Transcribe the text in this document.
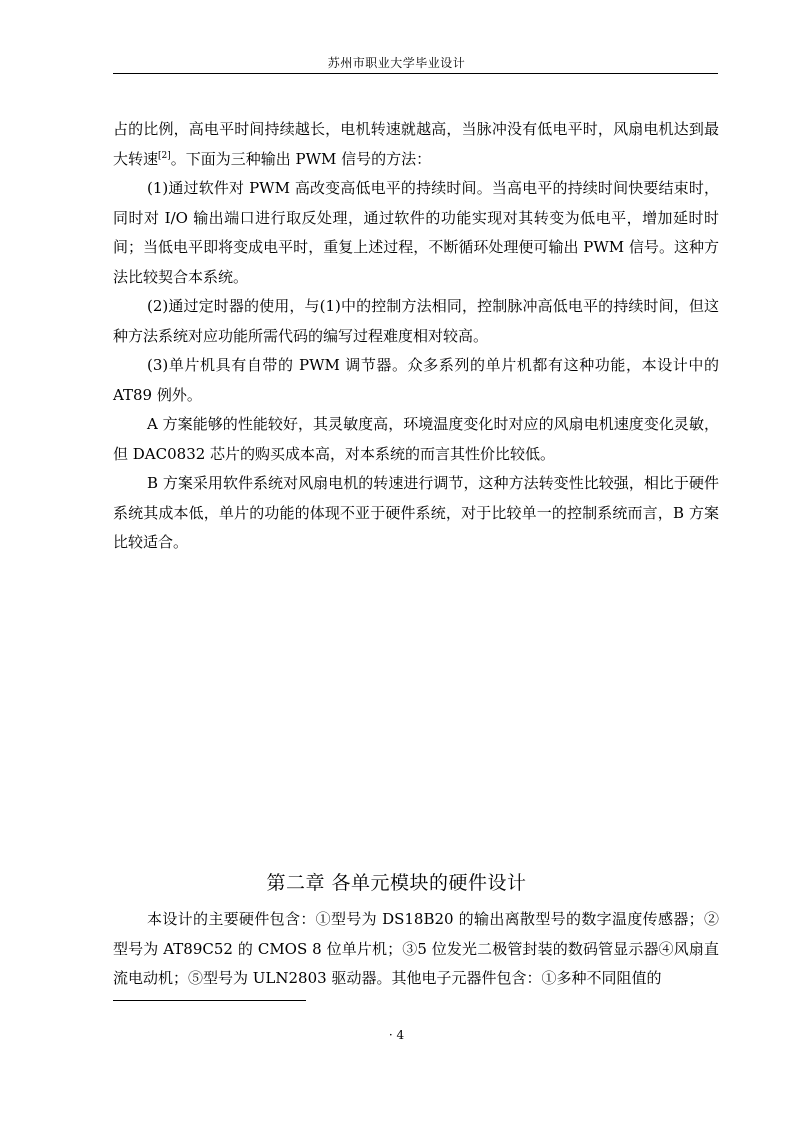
苏州市职业大学毕业设计

占的比例，高电平时间持续越长，电机转速就越高，当脉冲没有低电平时，风扇电机达到最大转速[2]。下面为三种输出 PWM 信号的方法：

(1)通过软件对 PWM 高改变高低电平的持续时间。当高电平的持续时间快要结束时，同时对 I/O 输出端口进行取反处理，通过软件的功能实现对其转变为低电平，增加延时时间；当低电平即将变成电平时，重复上述过程，不断循环处理便可输出 PWM 信号。这种方法比较契合本系统。

(2)通过定时器的使用，与(1)中的控制方法相同，控制脉冲高低电平的持续时间，但这种方法系统对应功能所需代码的编写过程难度相对较高。

(3)单片机具有自带的 PWM 调节器。众多系列的单片机都有这种功能，本设计中的 AT89 例外。

A 方案能够的性能较好，其灵敏度高，环境温度变化时对应的风扇电机速度变化灵敏，但 DAC0832 芯片的购买成本高，对本系统的而言其性价比较低。

B 方案采用软件系统对风扇电机的转速进行调节，这种方法转变性比较强，相比于硬件系统其成本低，单片的功能的体现不亚于硬件系统，对于比较单一的控制系统而言，B 方案比较适合。

第二章 各单元模块的硬件设计

本设计的主要硬件包含：①型号为 DS18B20 的输出离散型号的数字温度传感器；②型号为 AT89C52 的 CMOS 8 位单片机；③5 位发光二极管封装的数码管显示器④风扇直流电动机；⑤型号为 ULN2803 驱动器。其他电子元器件包含：①多种不同阻值的

· 4
